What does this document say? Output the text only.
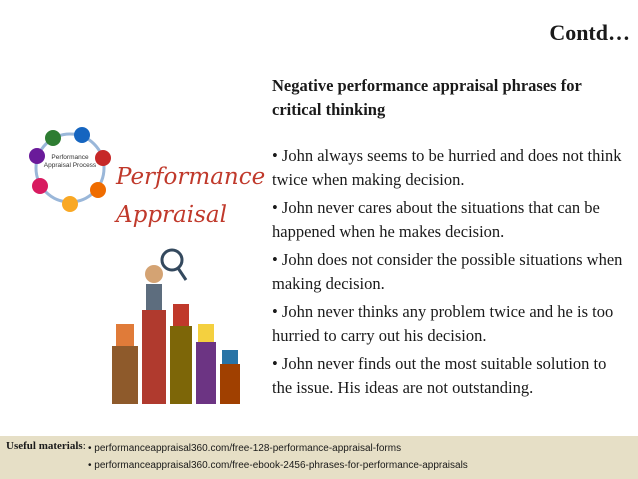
Contd…
Performance Appraisal Process Performance
Appraisal
Negative performance appraisal phrases for critical thinking
• John always seems to be hurried and does not think twice when making decision.
• John never cares about the situations that can be happened when he makes decision.
• John does not consider the possible situations when making decision.
• John never thinks any problem twice and he is too hurried to carry out his decision.
• John never finds out the most suitable solution to the issue. His ideas are not outstanding.
Useful materials: • performanceappraisal360.com/free-128-performance-appraisal-forms
• performanceappraisal360.com/free-ebook-2456-phrases-for-performance-appraisals
